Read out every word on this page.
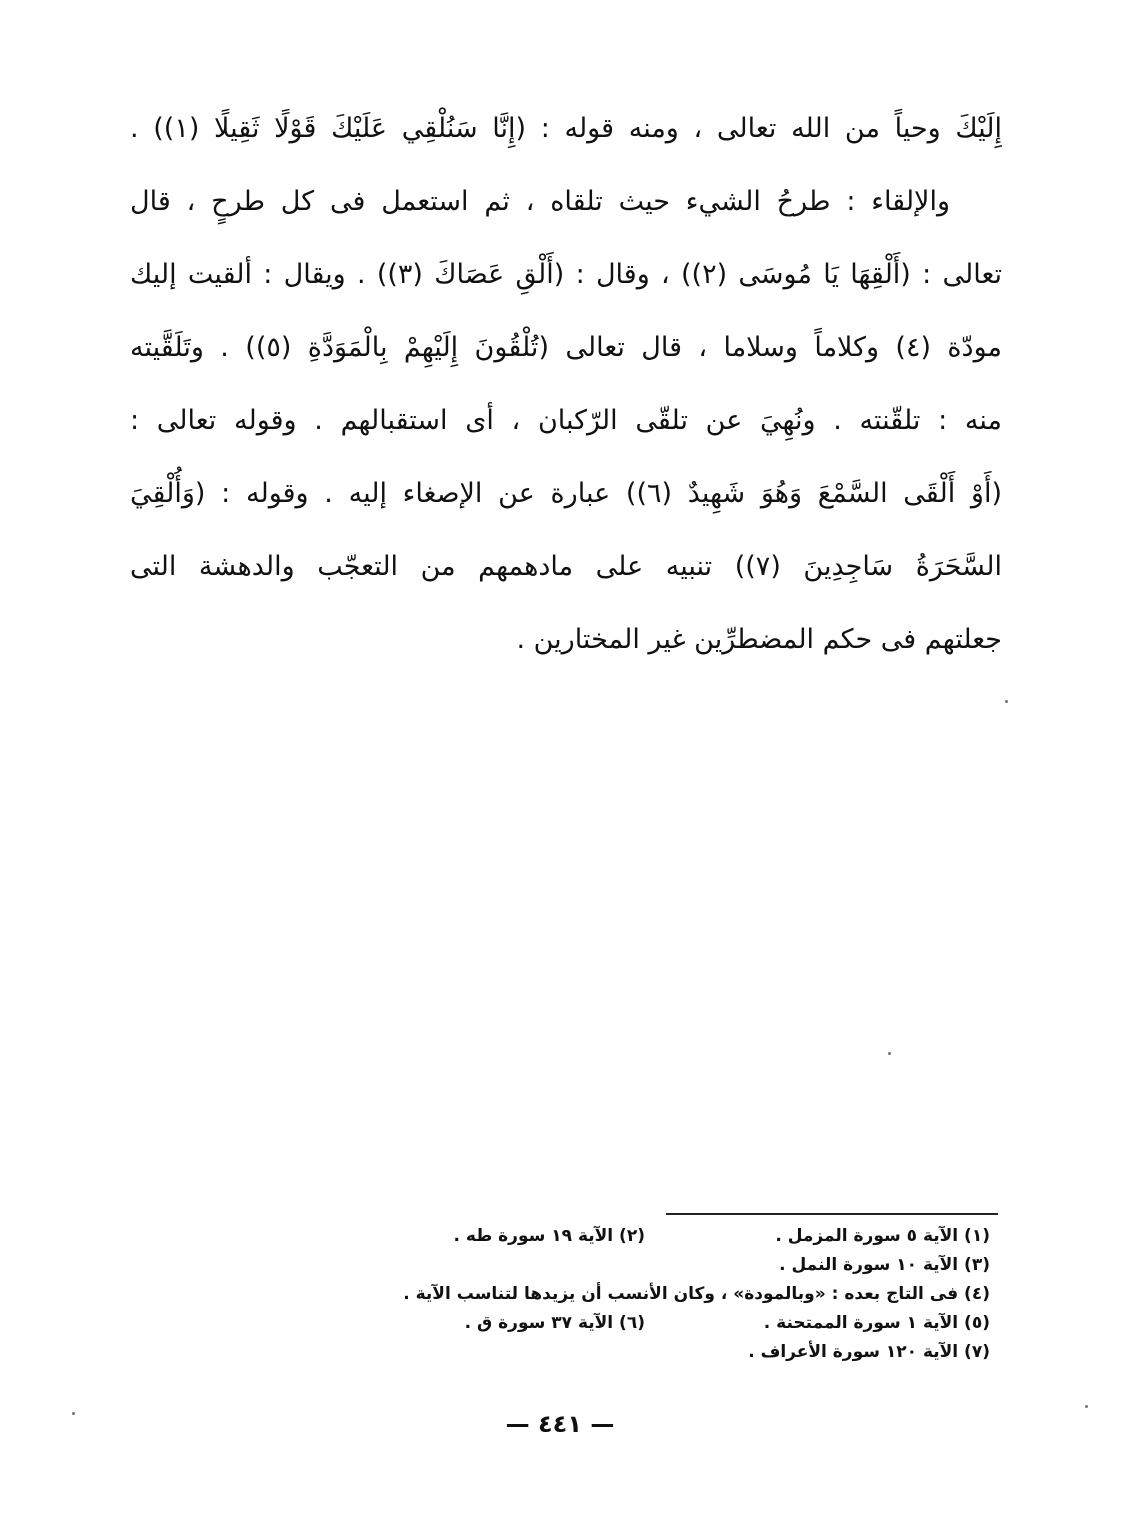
إِلَيْكَ وحياً من الله تعالى ، ومنه قوله : (إِنَّا سَنُلْقِي عَلَيْكَ قَوْلًا ثَقِيلًا (١)) .
والإلقاء : طرحُ الشيء حيث تلقاه ، ثم استعمل فى كل طرحٍ ، قال
تعالى : (أَلْقِهَا يَا مُوسَى (٢)) ، وقال : (أَلْقِ عَصَاكَ (٣)) . ويقال : ألقيت إليك
مودّة (٤) وكلاماً وسلاما ، قال تعالى (تُلْقُونَ إِلَيْهِمْ بِالْمَوَدَّةِ (٥)) . وتَلَقَّيته
منه : تلقّنته . ونُهِيَ عن تلقّى الرّكبان ، أى استقبالهم . وقوله تعالى :
(أَوْ أَلْقَى السَّمْعَ وَهُوَ شَهِيدٌ (٦)) عبارة عن الإصغاء إليه . وقوله : (وَأُلْقِيَ
السَّحَرَةُ سَاجِدِينَ (٧)) تنبيه على مادهمهم من التعجّب والدهشة التى
جعلتهم فى حكم المضطرِّين غير المختارين .
(١) الآية ٥ سورة المزمل .
(٢) الآية ١٩ سورة طه .
(٣) الآية ١٠ سورة النمل .
(٤) فى التاج بعده : «وبالمودة» ، وكان الأنسب أن يزيدها لتناسب الآية .
(٥) الآية ١ سورة الممتحنة .
(٦) الآية ٣٧ سورة ق .
(٧) الآية ١٢٠ سورة الأعراف .
— ٤٤١ —
